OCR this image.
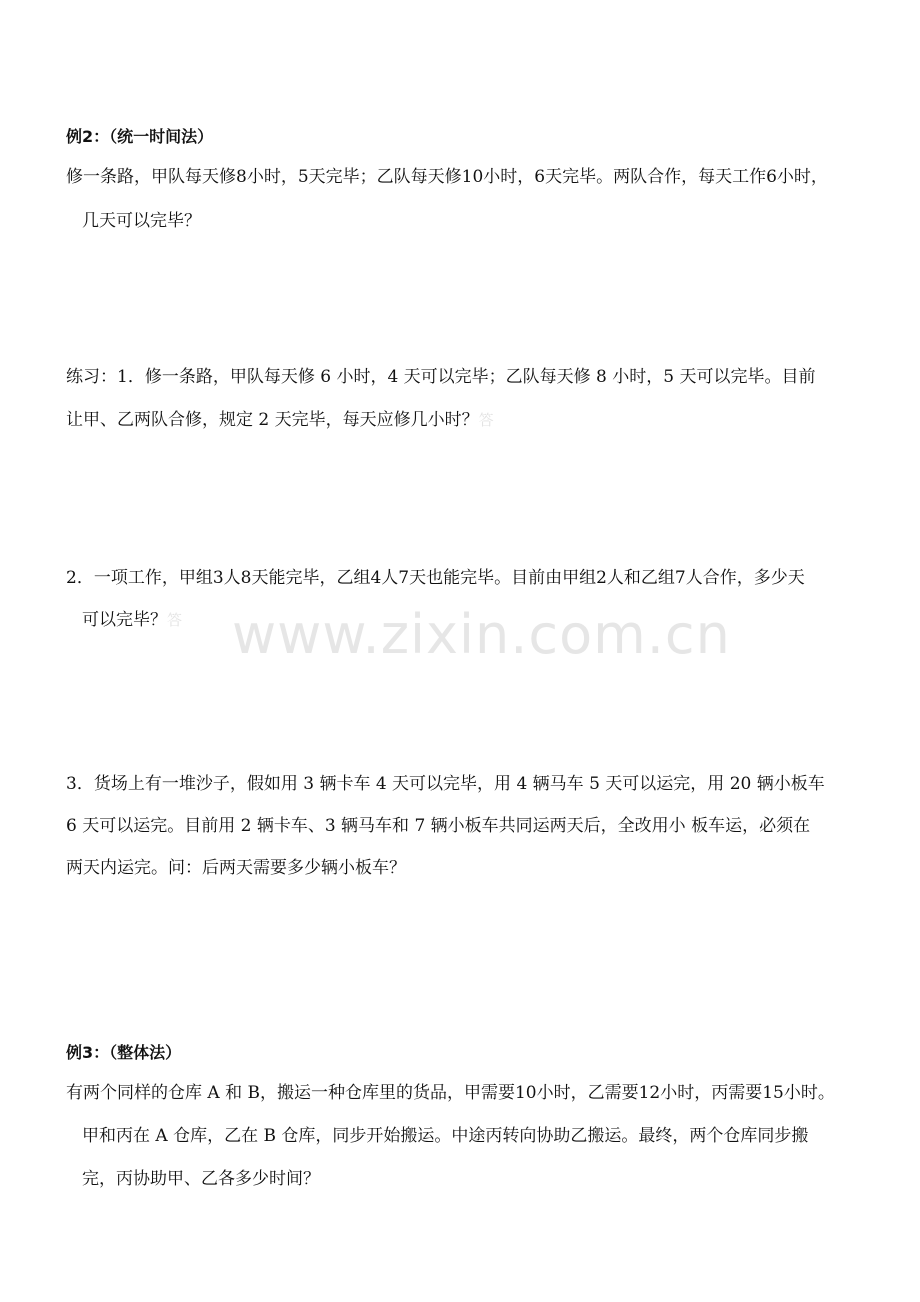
www.zixin.com.cn
例2：（统一时间法）
修一条路，甲队每天修8小时，5天完毕；乙队每天修10小时，6天完毕。两队合作，每天工作6小时，
几天可以完毕？
练习：1．修一条路，甲队每天修 6 小时，4 天可以完毕；乙队每天修 8 小时，5 天可以完毕。目前
让甲、乙两队合修，规定 2 天完毕，每天应修几小时？答
2．一项工作，甲组3人8天能完毕，乙组4人7天也能完毕。目前由甲组2人和乙组7人合作，多少天
可以完毕？答
3．货场上有一堆沙子，假如用 3 辆卡车 4 天可以完毕，用 4 辆马车 5 天可以运完，用 20 辆小板车
6 天可以运完。目前用 2 辆卡车、3 辆马车和 7 辆小板车共同运两天后，全改用小 板车运，必须在
两天内运完。问：后两天需要多少辆小板车？
例3：（整体法）
有两个同样的仓库 A 和 B，搬运一种仓库里的货品，甲需要10小时，乙需要12小时，丙需要15小时。
甲和丙在 A 仓库，乙在 B 仓库，同步开始搬运。中途丙转向协助乙搬运。最终，两个仓库同步搬
完，丙协助甲、乙各多少时间？
